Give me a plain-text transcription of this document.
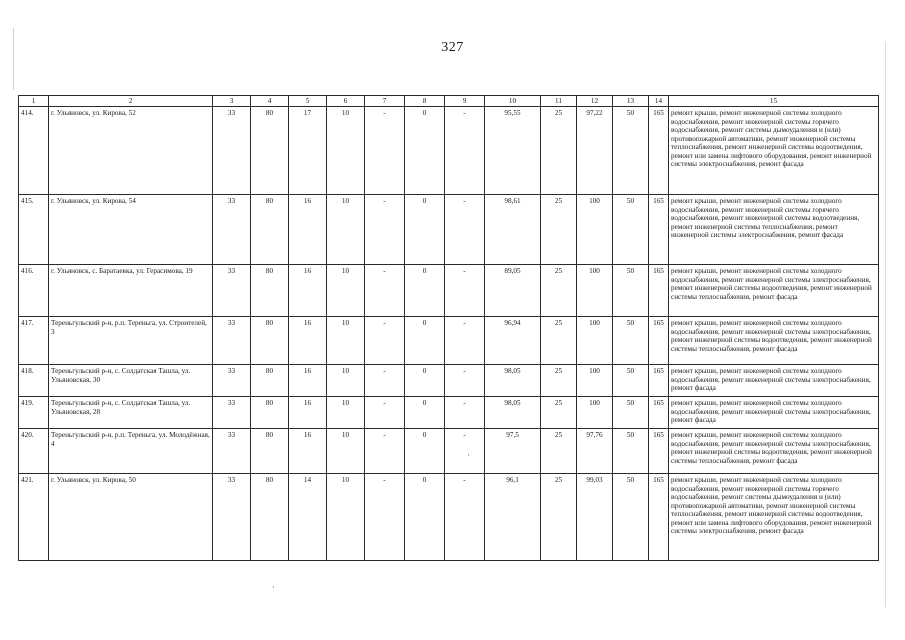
327
1	2	3	4	5	6	7	8	9	10	11	12	13	14	15
414.	г. Ульяновск, ул. Кирова, 52	33	80	17	10	-	0	-	95,55	25	97,22	50	165	ремонт крыши, ремонт инженерной системы холодного водоснабжения, ремонт инженерной системы горячего водоснабжения, ремонт системы дымоудаления и (или) противопожарной автоматики, ремонт инженерной системы теплоснабжения, ремонт инженерной системы водоотведения, ремонт или замена лифтового оборудования, ремонт инженерной системы электроснабжения, ремонт фасада
415.	г. Ульяновск, ул. Кирова, 54	33	80	16	10	-	0	-	98,61	25	100	50	165	ремонт крыши, ремонт инженерной системы холодного водоснабжения, ремонт инженерной системы горячего водоснабжения, ремонт инженерной системы водоотведения, ремонт инженерной системы теплоснабжения, ремонт инженерной системы электроснабжения, ремонт фасада
416.	г. Ульяновск, с. Баратаевка, ул. Герасимова, 19	33	80	16	10	-	0	-	89,05	25	100	50	165	ремонт крыши, ремонт инженерной системы холодного водоснабжения, ремонт инженерной системы электроснабжения, ремонт инженерной системы водоотведения, ремонт инженерной системы теплоснабжения, ремонт фасада
417.	Тереньгульский р-н, р.п. Тереньга, ул. Строителей, 3	33	80	16	10	-	0	-	96,94	25	100	50	165	ремонт крыши, ремонт инженерной системы холодного водоснабжения, ремонт инженерной системы электроснабжения, ремонт инженерной системы водоотведения, ремонт инженерной системы теплоснабжения, ремонт фасада
418.	Тереньгульский р-н, с. Солдатская Ташла, ул. Ульяновская, 30	33	80	16	10	-	0	-	98,05	25	100	50	165	ремонт крыши, ремонт инженерной системы холодного водоснабжения, ремонт инженерной системы электроснабжения, ремонт фасада
419.	Тереньгульский р-н, с. Солдатская Ташла, ул. Ульяновская, 28	33	80	16	10	-	0	-	98,05	25	100	50	165	ремонт крыши, ремонт инженерной системы холодного водоснабжения, ремонт инженерной системы электроснабжения, ремонт фасада
420.	Тереньгульский р-н, р.п. Тереньга, ул. Молодёжная, 4	33	80	16	10	-	0	-	97,5	25	97,76	50	165	ремонт крыши, ремонт инженерной системы холодного водоснабжения, ремонт инженерной системы электроснабжения, ремонт инженерной системы водоотведения, ремонт инженерной системы теплоснабжения, ремонт фасада
421.	г. Ульяновск, ул. Кирова, 50	33	80	14	10	-	0	-	96,1	25	99,03	50	165	ремонт крыши, ремонт инженерной системы холодного водоснабжения, ремонт инженерной системы горячего водоснабжения, ремонт системы дымоудаления и (или) противопожарной автоматики, ремонт инженерной системы теплоснабжения, ремонт инженерной системы водоотведения, ремонт или замена лифтового оборудования, ремонт инженерной системы электроснабжения, ремонт фасада
·
·
